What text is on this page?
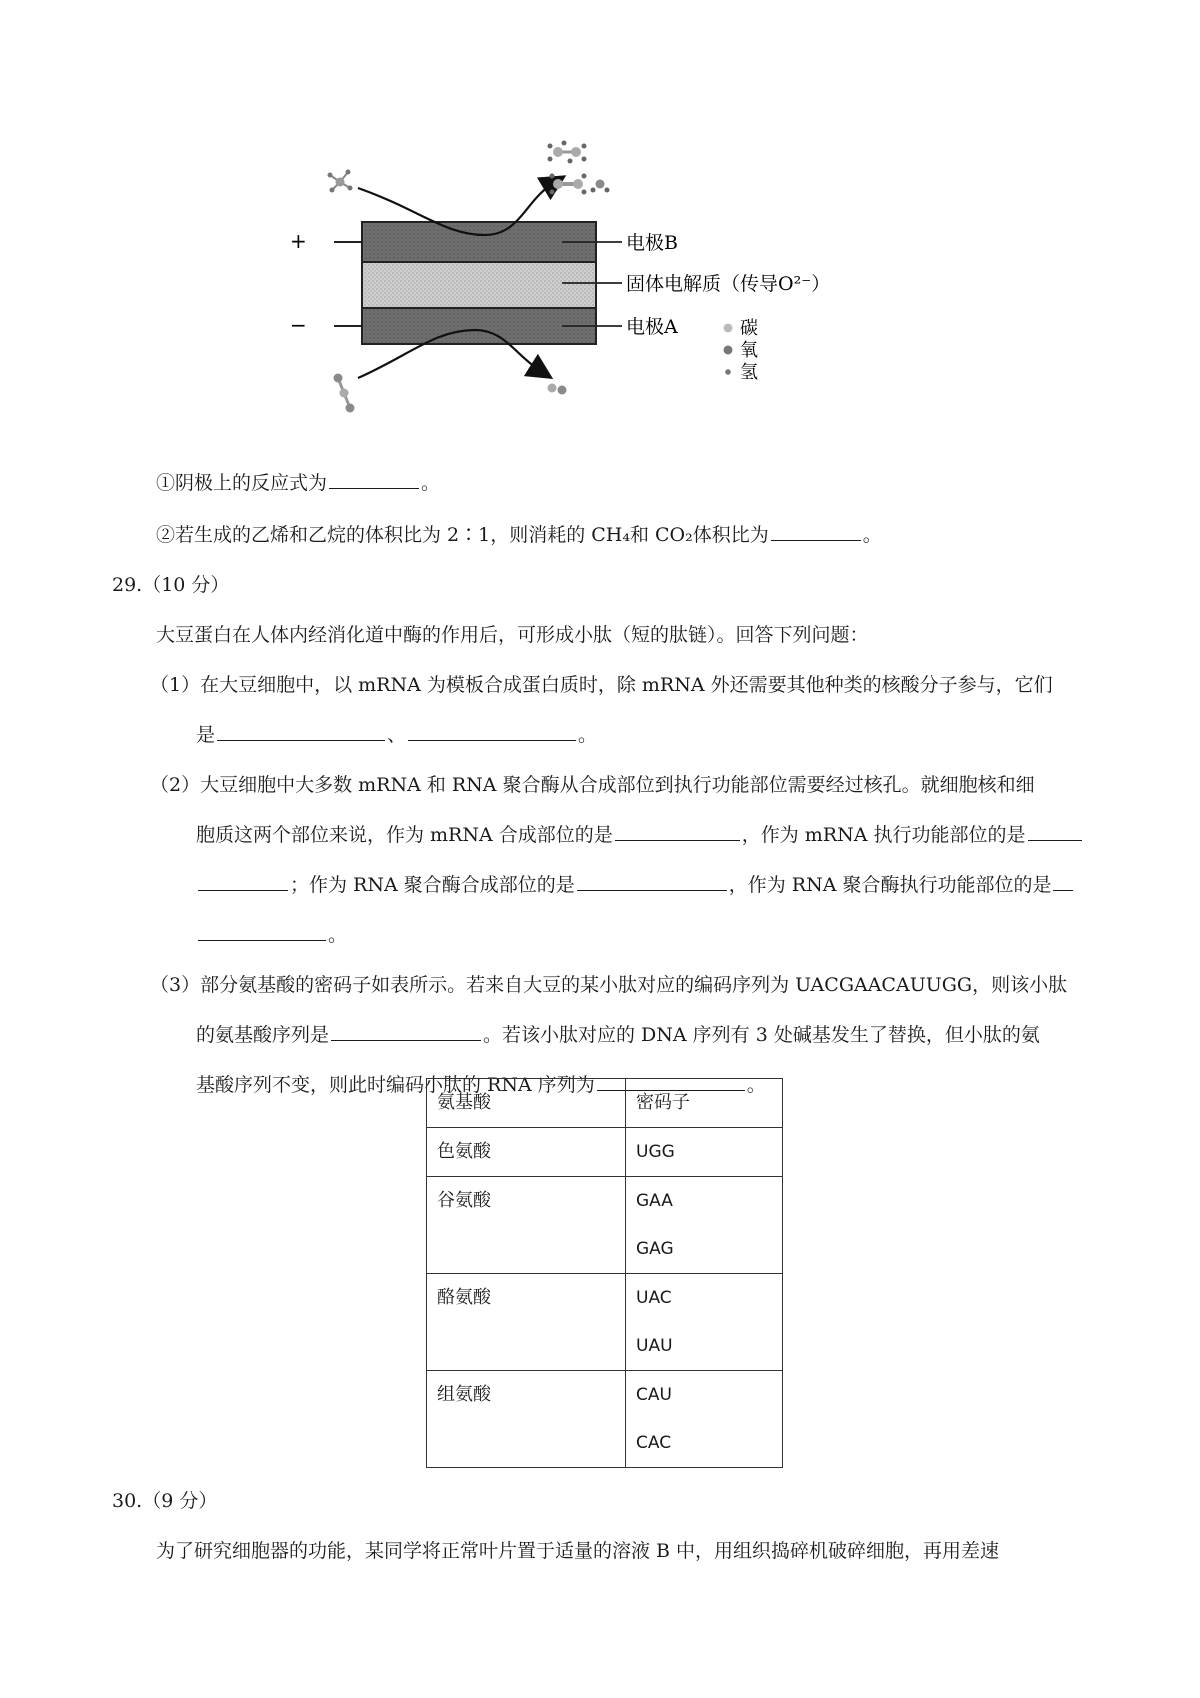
+
−
电极B
固体电解质（传导O²⁻）
电极A	碳
氧
氢
①阴极上的反应式为	。
②若生成的乙烯和乙烷的体积比为 2∶1，则消耗的 CH₄和 CO₂体积比为	。
29.（10 分）
大豆蛋白在人体内经消化道中酶的作用后，可形成小肽（短的肽链）。回答下列问题：
（1）在大豆细胞中，以 mRNA 为模板合成蛋白质时，除 mRNA 外还需要其他种类的核酸分子参与，它们
是	、	。
（2）大豆细胞中大多数 mRNA 和 RNA 聚合酶从合成部位到执行功能部位需要经过核孔。就细胞核和细
胞质这两个部位来说，作为 mRNA 合成部位的是	，作为 mRNA 执行功能部位的是
；作为 RNA 聚合酶合成部位的是	，作为 RNA 聚合酶执行功能部位的是
。
（3）部分氨基酸的密码子如表所示。若来自大豆的某小肽对应的编码序列为 UACGAACAUUGG，则该小肽
的氨基酸序列是	。若该小肽对应的 DNA 序列有 3 处碱基发生了替换，但小肽的氨
基酸序列不变，则此时编码小肽的 RNA 序列为	。
氨基酸	密码子

色氨酸	UGG

谷氨酸	GAA
GAG

酪氨酸	UAC
UAU

组氨酸	CAU
CAC
30.（9 分）
为了研究细胞器的功能，某同学将正常叶片置于适量的溶液 B 中，用组织捣碎机破碎细胞，再用差速
